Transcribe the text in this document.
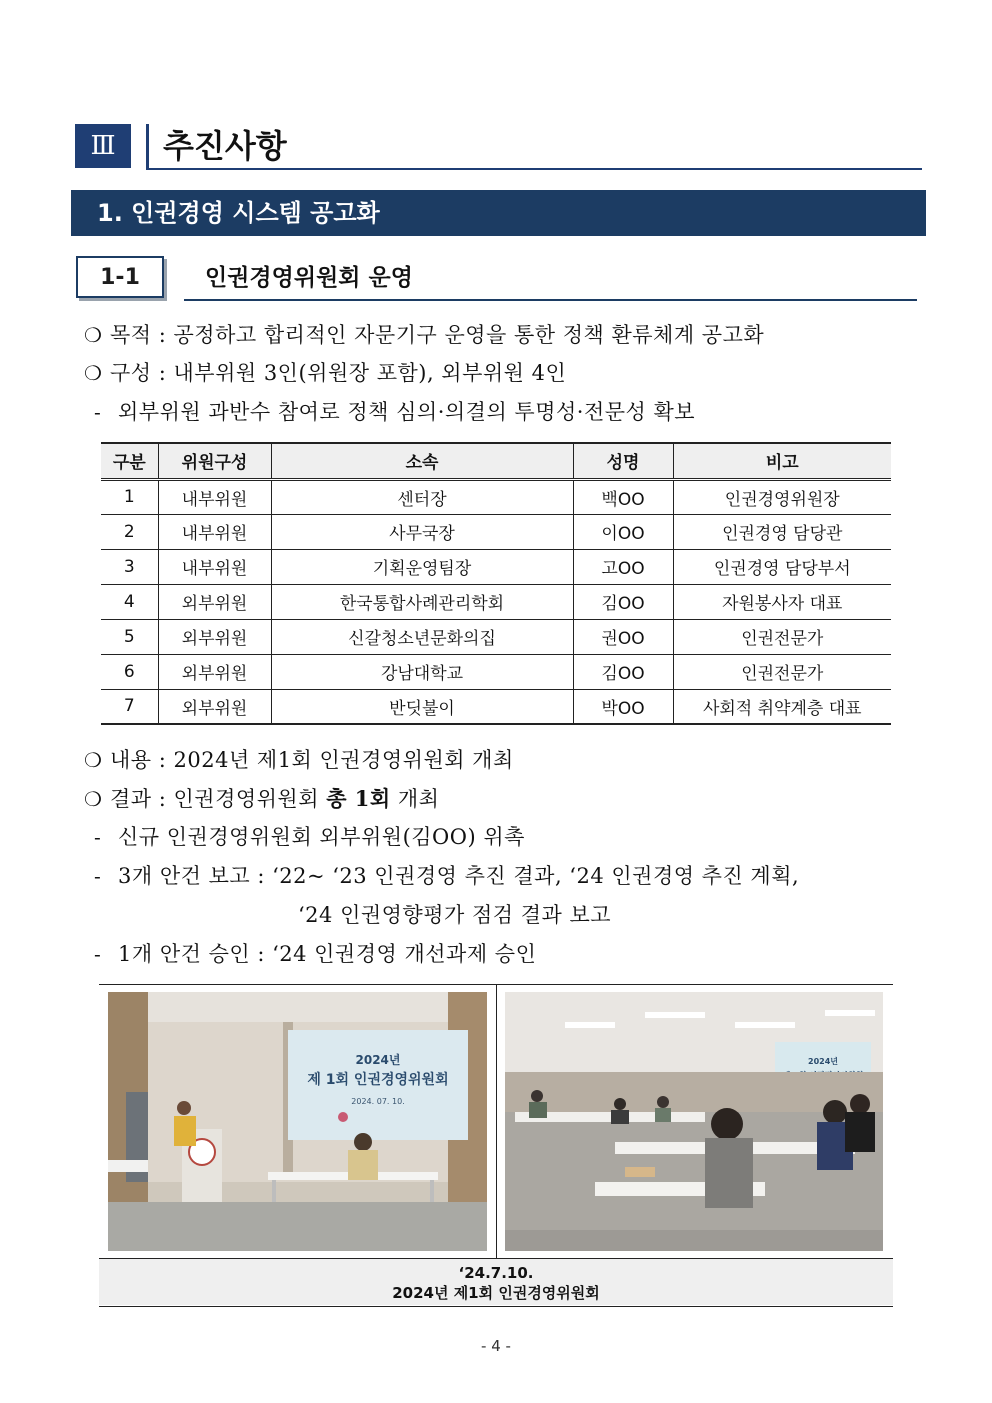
Ⅲ	추진사항
1. 인권경영 시스템 공고화
1-1	인권경영위원회 운영
❍ 목적 : 공정하고 합리적인 자문기구 운영을 통한 정책 환류체계 공고화
❍ 구성 : 내부위원 3인(위원장 포함), 외부위원 4인
- 외부위원 과반수 참여로 정책 심의·의결의 투명성·전문성 확보
구분	위원구성	소속	성명	비고
1	내부위원	센터장	백OO	인권경영위원장
2	내부위원	사무국장	이OO	인권경영 담당관
3	내부위원	기획운영팀장	고OO	인권경영 담당부서
4	외부위원	한국통합사례관리학회	김OO	자원봉사자 대표
5	외부위원	신갈청소년문화의집	권OO	인권전문가
6	외부위원	강남대학교	김OO	인권전문가
7	외부위원	반딧불이	박OO	사회적 취약계층 대표
❍ 내용 : 2024년 제1회 인권경영위원회 개최
❍ 결과 : 인권경영위원회 총 1회 개최
- 신규 인권경영위원회 외부위원(김OO) 위촉
- 3개 안건 보고 : ‘22~ ‘23 인권경영 추진 결과, ‘24 인권경영 추진 계획,
‘24 인권영향평가 점검 결과 보고
- 1개 안건 승인 : ‘24 인권경영 개선과제 승인
2024년
제 1회 인권경영위원회
2024. 07. 10.
2024년
‘24.7.10.
2024년 제1회 인권경영위원회
- 4 -
